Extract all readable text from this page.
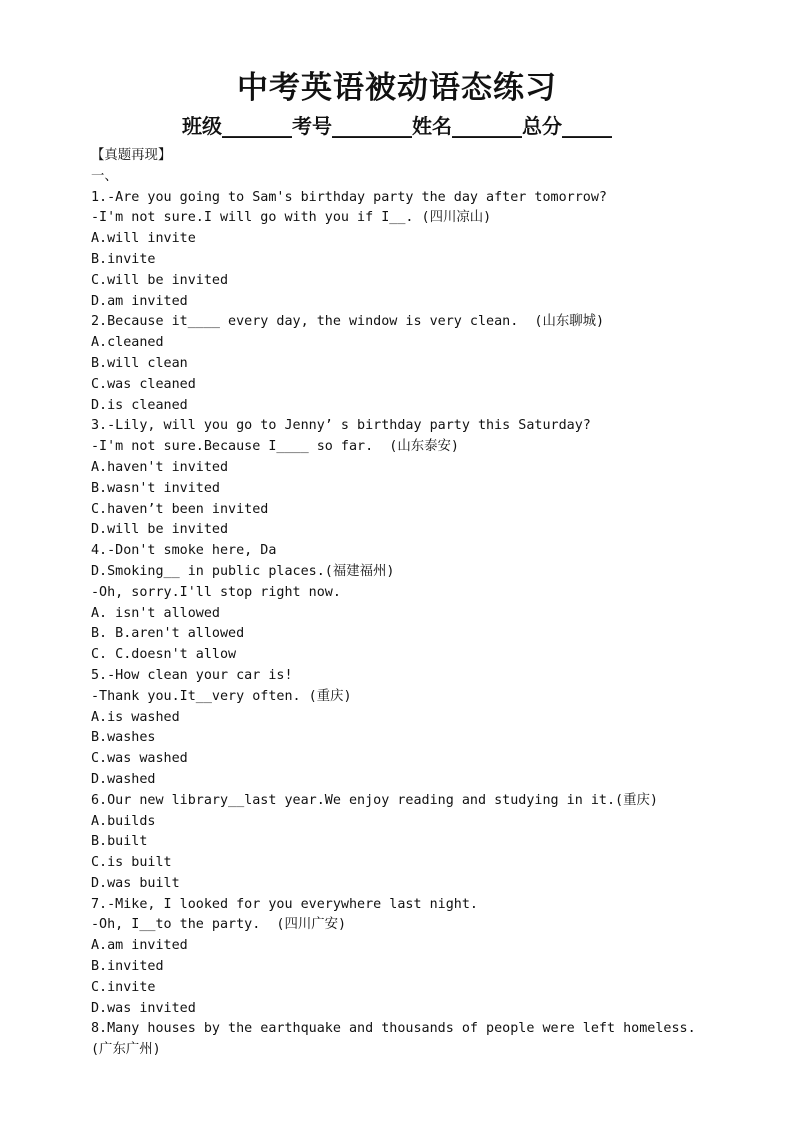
中考英语被动语态练习
班级_______考号________姓名_______总分_____
【真题再现】
一、
1.-Are you going to Sam's birthday party the day after tomorrow?
-I'm not sure.I will go with you if I__. (四川凉山)
A.will invite
B.invite
C.will be invited
D.am invited
2.Because it____ every day, the window is very clean.  (山东聊城)
A.cleaned
B.will clean
C.was cleaned
D.is cleaned
3.-Lily, will you go to Jenny’ s birthday party this Saturday?
-I'm not sure.Because I____ so far.  (山东泰安)
A.haven't invited
B.wasn't invited
C.haven’t been invited
D.will be invited
4.-Don't smoke here, Da
D.Smoking__ in public places.(福建福州)
-Oh, sorry.I'll stop right now.
A. isn't allowed
B. B.aren't allowed
C. C.doesn't allow
5.-How clean your car is!
-Thank you.It__very often. (重庆)
A.is washed
B.washes
C.was washed
D.washed
6.Our new library__last year.We enjoy reading and studying in it.(重庆)
A.builds
B.built
C.is built
D.was built
7.-Mike, I looked for you everywhere last night.
-Oh, I__to the party.  (四川广安)
A.am invited
B.invited
C.invite
D.was invited
8.Many houses by the earthquake and thousands of people were left homeless.
(广东广州)
